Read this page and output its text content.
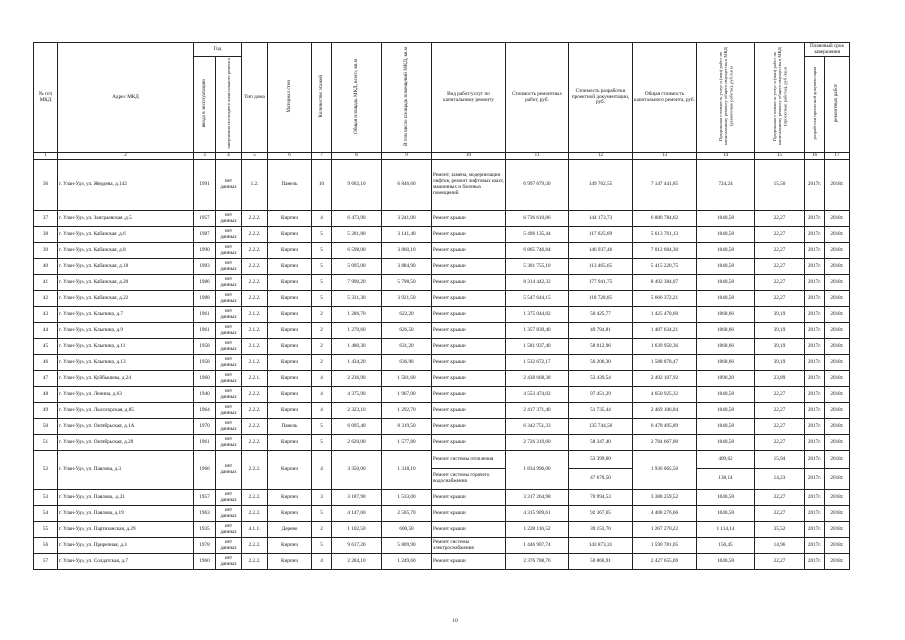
№ п/п МКД	Адрес МКД	Год		Тип дома	Материал стен	Количество этажей	Общая площадь МКД, всего, кв.м	В том числе площадь помещений МКД, кв.м	Вид работ/услуг по капитальному ремонту	Стоимость ремонтных работ, руб.	Стоимость разработки проектной документации, руб.	Общая стоимость капитального ремонта, руб.	Предельная стоимость услуг и (или) работ по капитальному ремонту общего имущества в МКД (ремонтные работы), руб./кв.м	Предельная стоимость услуг и (или) работ по капитальному ремонту общего имущества в МКД (проектные работы), руб./кв.м	Плановый срок завершения	
		ввода в эксплуатацию	завершения последнего капитального ремонта												разработки проектной документации	ремонтных работ
1	2	3	4	5	6	7	8	9	10	11	12	13	14	15	16	17
36	г. Улан-Удэ, ул. Жердева, д.142	1991	нет данных	1.2.	Панель	10	9 662,10	6 846,60	Ремонт, замена, модернизация лифтов, ремонт лифтовых шахт, машинных и блочных помещений	6 997 679,30	149 762,55	7 147 441,85	724,24	15,50	2017г.	2018г.
37	г. Улан-Удэ, ул. Заиграевская ,д.5	1957	нет данных	2.2.2.	Кирпич	4	6 473,90	3 241,00	Ремонт крыши	6 736 610,86	144 173,73	6 880 784,62	1040,58	22,27	2017г.	2018г.
38	г. Улан-Удэ, ул. Кабанская ,д.6	1987	нет данных	2.2.2.	Кирпич	5	5 281,80	3 141,40	Ремонт крыши	5 496 135,44	117 625,69	5 613 761,13	1040,58	22,27	2017г.	2018г.
39	г. Улан-Удэ, ул. Кабанская, д.8	1990	нет данных	2.2.2.	Кирпич	5	6 598,00	3 860,10	Ремонт крыши	6 865 746,84	146 937,46	7 012 684,30	1040,58	22,27	2017г.	2018г.
40	г. Улан-Удэ, ул. Кабанская, д.18	1983	нет данных	2.2.2.	Кирпич	5	5 095,00	3 884,90	Ремонт крыши	5 301 755,10	113 465,65	5 415 220,75	1040,58	22,27	2017г.	2018г.
41	г. Улан-Удэ, ул. Кабанская, д.20	1986	нет данных	2.2.2.	Кирпич	5	7 990,20	5 798,50	Ремонт крыши	8 314 442,32	177 941,75	8 492 384,07	1040,58	22,27	2017г.	2018г.
42	г. Улан-Удэ, ул. Кабанская, д.22	1988	нет данных	2.2.2.	Кирпич	5	5 331,30	3 921,50	Ремонт крыши	5 547 644,15	118 728,05	5 666 372,21	1040,58	22,27	2017г.	2018г.
43	г. Улан-Удэ, ул. Клыпина, д.7	1961	нет данных	2.1.2.	Кирпич	2	1 286,70	622,20	Ремонт крыши	1 375 044,82	50 425,77	1 425 470,60	1068,66	39,19	2017г.	2018г.
44	г. Улан-Удэ, ул. Клыпина, д.9	1961	нет данных	2.1.2.	Кирпич	2	1 270,60	626,50	Ремонт крыши	1 357 839,40	49 794,81	1 407 634,21	1068,66	39,19	2017г.	2018г.
45	г. Улан-Удэ, ул. Клыпина, д.11	1958	нет данных	2.1.2.	Кирпич	2	1 480,30	631,20	Ремонт крыши	1 581 937,40	58 012,96	1 639 950,36	1068,66	39,19	2017г.	2018г.
46	г. Улан-Удэ, ул. Клыпина, д.13	1958	нет данных	2.1.2.	Кирпич	2	1 434,20	636,90	Ремонт крыши	1 532 672,17	56 206,30	1 588 878,47	1068,66	39,19	2017г.	2018г.
47	г. Улан-Удэ, ул. Куйбышева, д.24	1960	нет данных	2.2.1.	Кирпич	4	2 236,90	1 501,60	Ремонт крыши	2 438 668,38	53 439,54	2 492 107,92	1090,20	23,89	2017г.	2018г.
48	г. Улан-Удэ, ул. Ленина, д.63	1940	нет данных	2.2.2.	Кирпич	4	4 375,90	1 967,00	Ремонт крыши	4 553 474,02	97 451,29	4 650 925,32	1040,58	22,27	2017г.	2018г.
49	г. Улан-Удэ, ул. Лысогорская, д.85	1964	нет данных	2.2.2.	Кирпич	4	2 323,10	1 292,70	Ремонт крыши	2 417 371,40	51 735,44	2 469 106,84	1040,58	22,27	2017г.	2018г.
50	г. Улан-Удэ, ул. Октябрьская, д.1А	1970	нет данных	2.2.2.	Панель	5	6 095,40	8 319,50	Ремонт крыши	6 342 751,33	135 744,56	6 478 495,89	1040,58	22,27	2017г.	2018г.
51	г. Улан-Удэ, ул. Октябрьская, д.28	1961	нет данных	2.2.2.	Кирпич	5	2 620,00	1 577,80	Ремонт крыши	2 726 319,60	58 347,40	2 784 667,00	1040,58	22,27	2017г.	2018г.
52	г. Улан-Удэ, ул. Павлова, д.3	1966	нет данных	2.2.2.	Кирпич	4	3 350,00	1 318,10	Ремонт системы отопления	1 834 996,00	53 399,00	1 936 065,50	409,62	15,94	2017г.	2018г.
									Ремонт системы горячего водоснабжения		47 670,50		138,14	14,23	2017г.	2018г.
53	г. Улан-Удэ, ул. Павлова, .д.21	1957	нет данных	2.2.2.	Кирпич	3	3 187,90	1 533,00	Ремонт крыши	3 317 264,98	70 994,53	3 388 259,52	1040,58	22,27	2017г.	2018г.
54	г. Улан-Удэ, ул. Павлова, д.19	1963	нет данных	2.2.2.	Кирпич	5	4 147,60	2 505,70	Ремонт крыши	4 315 909,61	92 367,05	4 408 276,66	1040,58	22,27	2017г.	2018г.
55	г. Улан-Удэ, ул. Партизанская, д.29	1935	нет данных	4.1.1.	Дерево	2	1 102,50	600,50	Ремонт крыши	1 228 116,52	39 153,70	1 267 270,22	1 114,14	35,52	2017г.	2018г.
56	г. Улан-Удэ, ул. Приречная, д.3	1978	нет данных	2.2.2.	Кирпич	5	9 617,20	5 809,90	Ремонт системы электроснабжения	1 446 907,74	143 873,31	1 590 781,05	150,45	14,96	2017г.	2018г.
57	г. Улан-Удэ, ул. Солдатская, д.7	1960	нет данных	2.2.2.	Кирпич	4	2 284,10	1 249,60	Ремонт крыши	2 376 788,76	50 866,91	2 427 655,69	1040,58	22,27	2017г.	2018г.
10
